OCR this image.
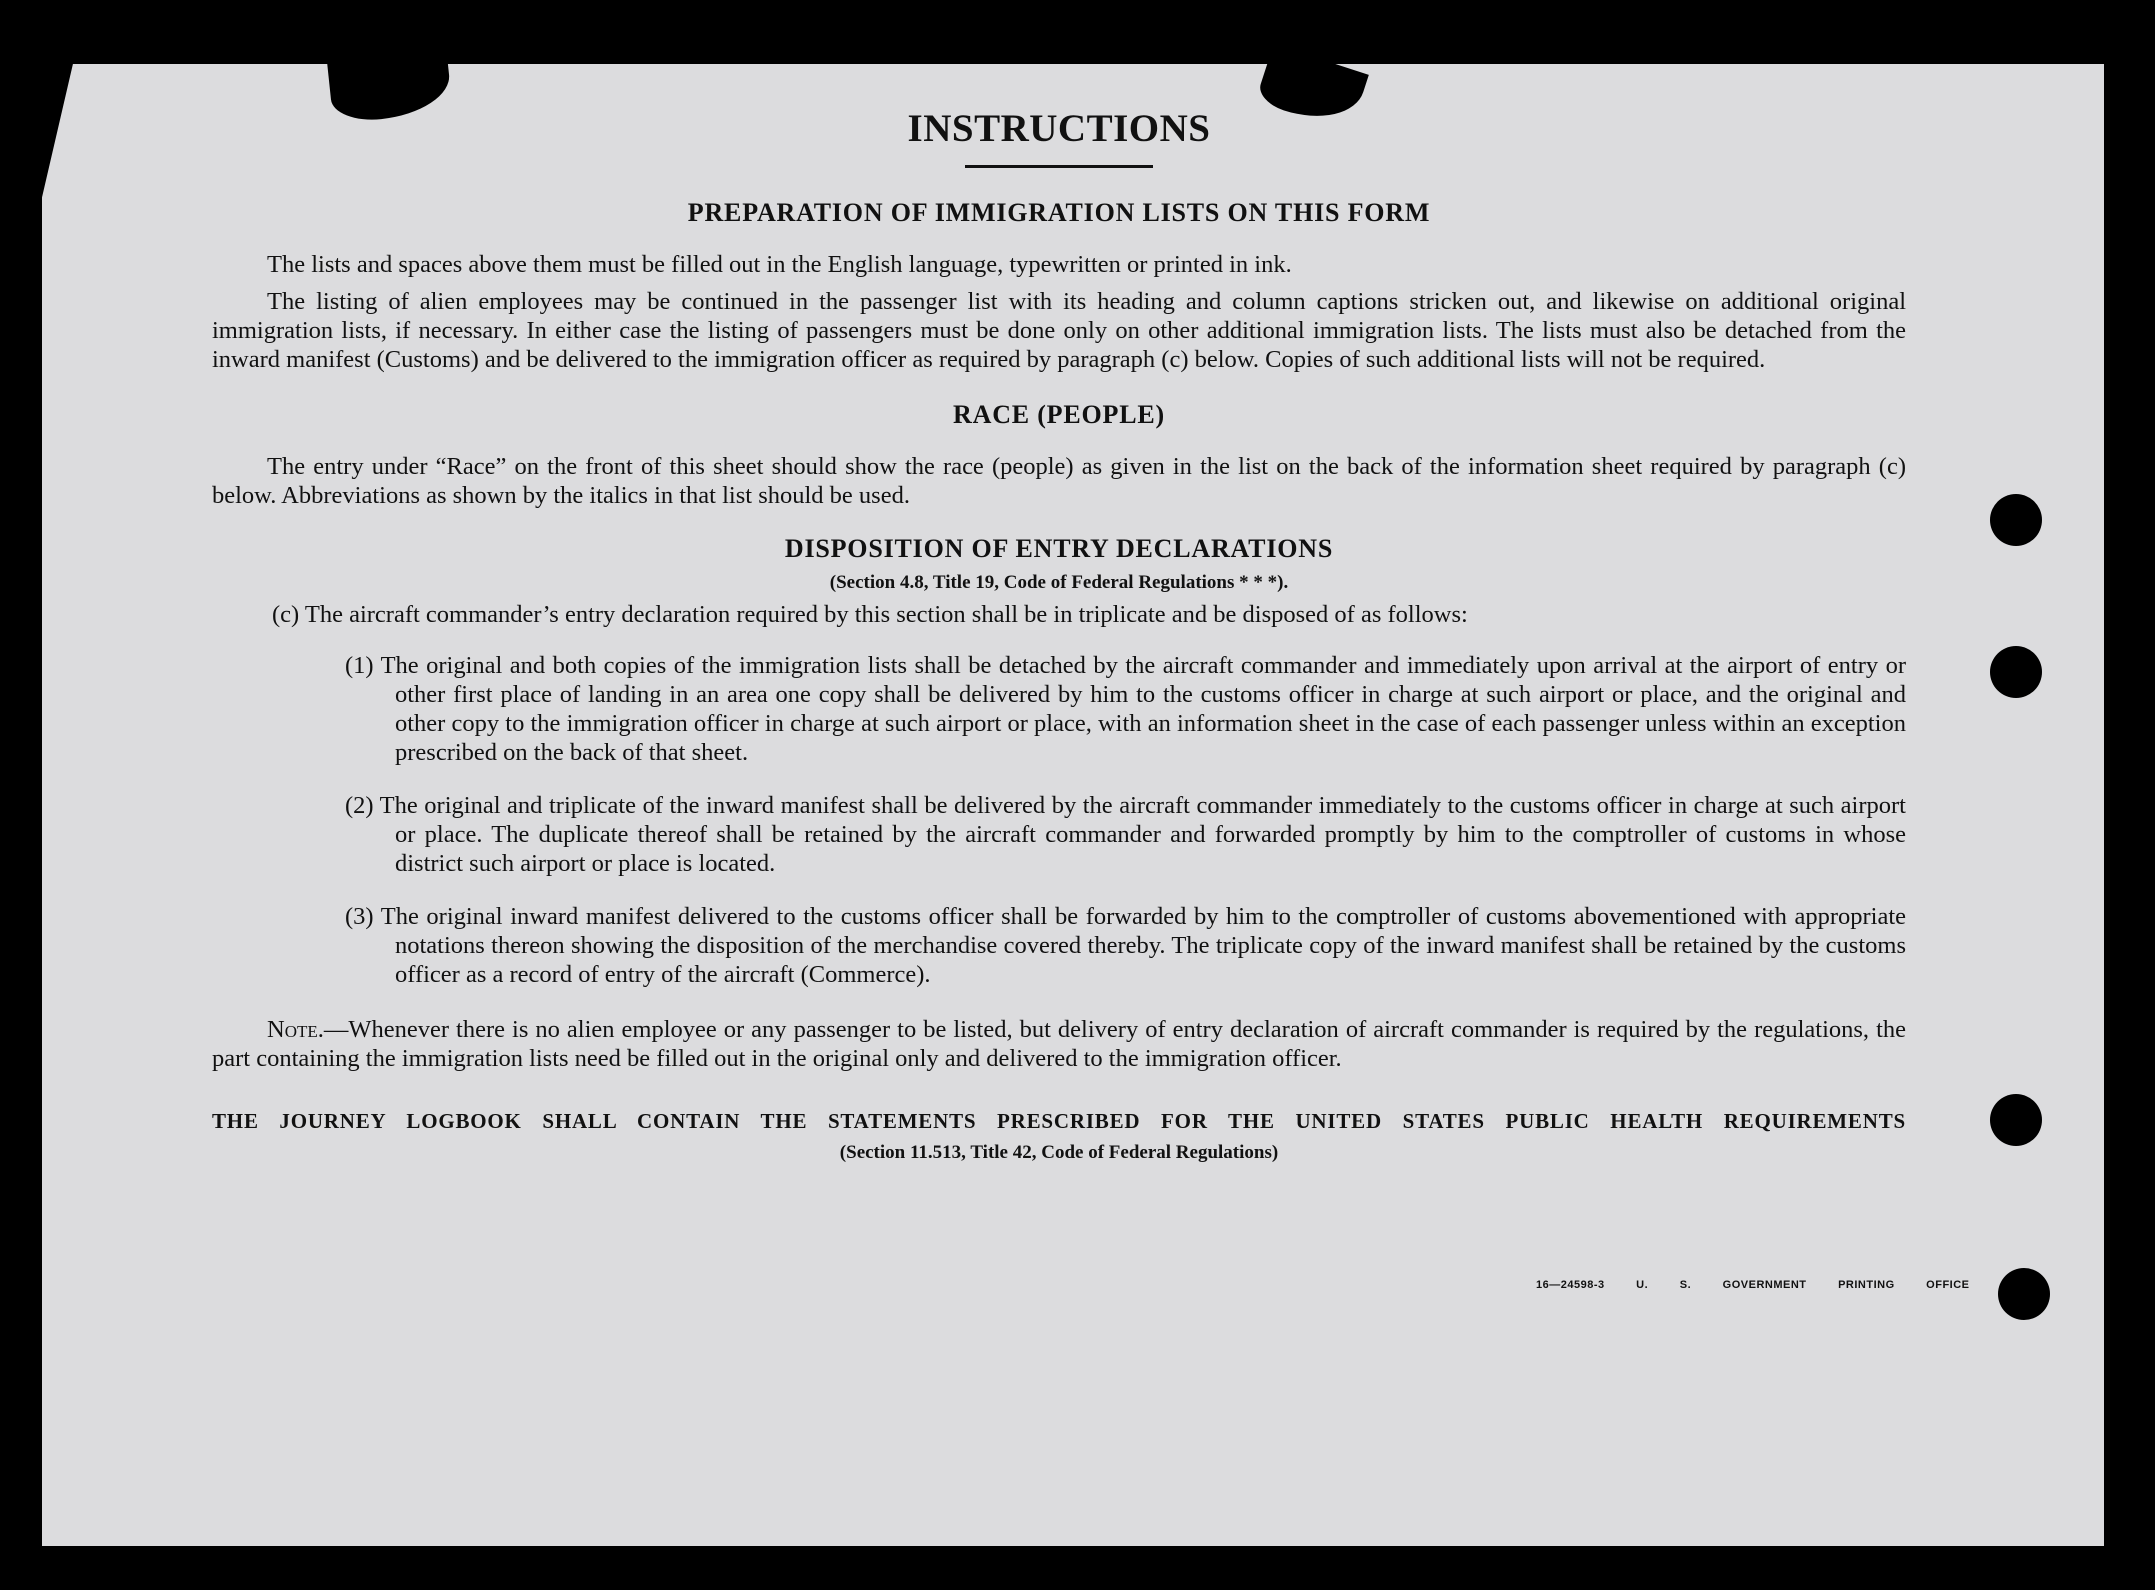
INSTRUCTIONS
PREPARATION OF IMMIGRATION LISTS ON THIS FORM

The lists and spaces above them must be filled out in the English language, typewritten or printed in ink.

The listing of alien employees may be continued in the passenger list with its heading and column captions stricken out, and likewise on additional original immigration lists, if necessary. In either case the listing of passengers must be done only on other additional immigration lists. The lists must also be detached from the inward manifest (Customs) and be delivered to the immigration officer as required by paragraph (c) below. Copies of such additional lists will not be required.

RACE (PEOPLE)

The entry under “Race” on the front of this sheet should show the race (people) as given in the list on the back of the information sheet required by paragraph (c) below. Abbreviations as shown by the italics in that list should be used.

DISPOSITION OF ENTRY DECLARATIONS
(Section 4.8, Title 19, Code of Federal Regulations * * *).

(c) The aircraft commander’s entry declaration required by this section shall be in triplicate and be disposed of as follows:

(1) The original and both copies of the immigration lists shall be detached by the aircraft commander and immediately upon arrival at the airport of entry or other first place of landing in an area one copy shall be delivered by him to the customs officer in charge at such airport or place, and the original and other copy to the immigration officer in charge at such airport or place, with an information sheet in the case of each passenger unless within an exception prescribed on the back of that sheet.

(2) The original and triplicate of the inward manifest shall be delivered by the aircraft commander immediately to the customs officer in charge at such airport or place. The duplicate thereof shall be retained by the aircraft commander and forwarded promptly by him to the comptroller of customs in whose district such airport or place is located.

(3) The original inward manifest delivered to the customs officer shall be forwarded by him to the comptroller of customs abovementioned with appropriate notations thereon showing the disposition of the merchandise covered thereby. The triplicate copy of the inward manifest shall be retained by the customs officer as a record of entry of the aircraft (Commerce).

Note.—Whenever there is no alien employee or any passenger to be listed, but delivery of entry declaration of aircraft commander is required by the regulations, the part containing the immigration lists need be filled out in the original only and delivered to the immigration officer.

THE JOURNEY LOGBOOK SHALL CONTAIN THE STATEMENTS PRESCRIBED FOR THE UNITED STATES PUBLIC HEALTH REQUIREMENTS

(Section 11.513, Title 42, Code of Federal Regulations)
16—24598-3	U. S. GOVERNMENT PRINTING OFFICE
